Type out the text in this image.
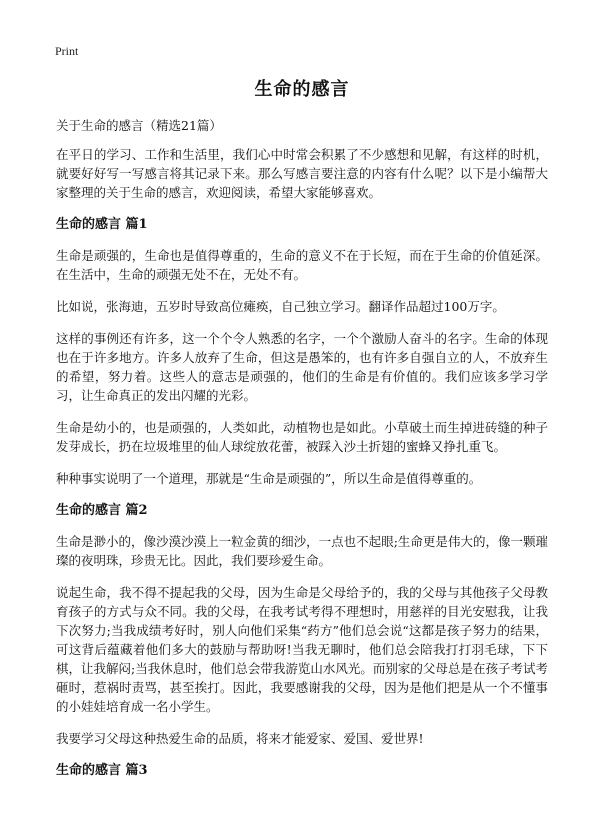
Print
生命的感言
关于生命的感言（精选21篇）
在平日的学习、工作和生活里，我们心中时常会积累了不少感想和见解，有这样的时机，就要好好写一写感言将其记录下来。那么写感言要注意的内容有什么呢？以下是小编帮大家整理的关于生命的感言，欢迎阅读，希望大家能够喜欢。
生命的感言 篇1
生命是顽强的，生命也是值得尊重的，生命的意义不在于长短，而在于生命的价值延深。在生活中，生命的顽强无处不在，无处不有。
比如说，张海迪，五岁时导致高位瘫痪，自己独立学习。翻译作品超过100万字。
这样的事例还有许多，这一个个令人熟悉的名字，一个个激励人奋斗的名字。生命的体现也在于许多地方。许多人放弃了生命，但这是愚笨的，也有许多自强自立的人，不放弃生的希望，努力着。这些人的意志是顽强的，他们的生命是有价值的。我们应该多学习学习，让生命真正的发出闪耀的光彩。
生命是幼小的，也是顽强的，人类如此，动植物也是如此。小草破土而生掉进砖缝的种子发芽成长，扔在垃圾堆里的仙人球绽放花蕾，被踩入沙土折翅的蜜蜂又挣扎重飞。
种种事实说明了一个道理，那就是“生命是顽强的”，所以生命是值得尊重的。
生命的感言 篇2
生命是渺小的，像沙漠沙漠上一粒金黄的细沙，一点也不起眼;生命更是伟大的，像一颗璀璨的夜明珠，珍贵无比。因此，我们要珍爱生命。
说起生命，我不得不提起我的父母，因为生命是父母给予的，我的父母与其他孩子父母教育孩子的方式与众不同。我的父母，在我考试考得不理想时，用慈祥的目光安慰我，让我下次努力;当我成绩考好时，别人向他们采集“药方”他们总会说“这都是孩子努力的结果，可这背后蕴藏着他们多大的鼓励与帮助呀!当我无聊时，他们总会陪我打打羽毛球，下下棋，让我解闷;当我休息时，他们总会带我游览山水风光。而别家的父母总是在孩子考试考砸时，惹祸时责骂，甚至挨打。因此，我要感谢我的父母，因为是他们把是从一个不懂事的小娃娃培育成一名小学生。
我要学习父母这种热爱生命的品质，将来才能爱家、爱国、爱世界!
生命的感言 篇3
